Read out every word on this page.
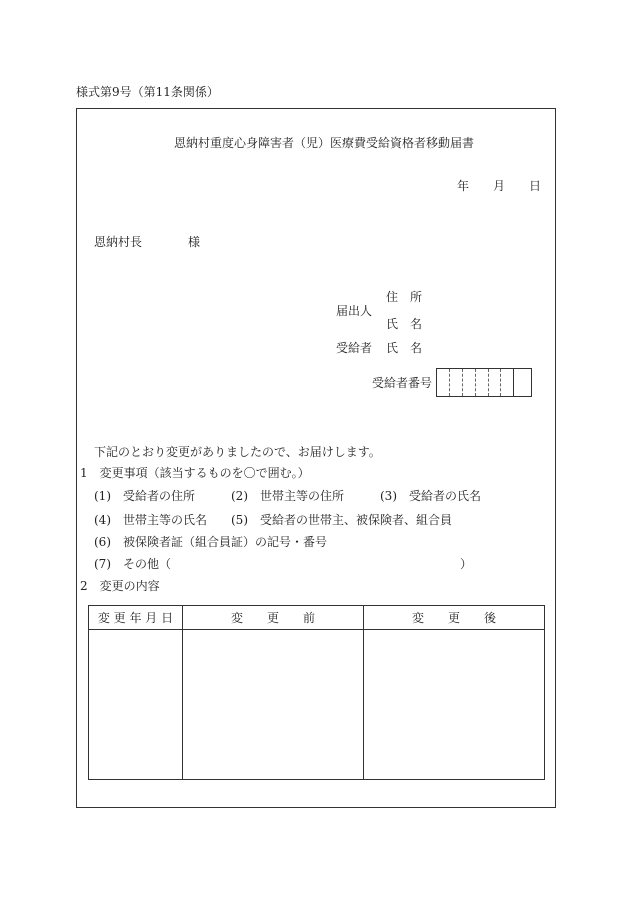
様式第9号（第11条関係）
恩納村重度心身障害者（児）医療費受給資格者移動届書
年 月 日
恩納村長	様
住　所
届出人
氏　名
受給者 氏　名
受給者番号
下記のとおり変更がありましたので、お届けします。
1　変更事項（該当するものを〇で囲む。）
(1)　受給者の住所	(2)　世帯主等の住所	(3)　受給者の氏名
(4)　世帯主等の氏名 (5)　受給者の世帯主、被保険者、組合員
(6)　被保険者証（組合員証）の記号・番号
(7)　その他（	）
2　変更の内容
変 更 年 月 日	変　　更　　前	変　　更　　後
